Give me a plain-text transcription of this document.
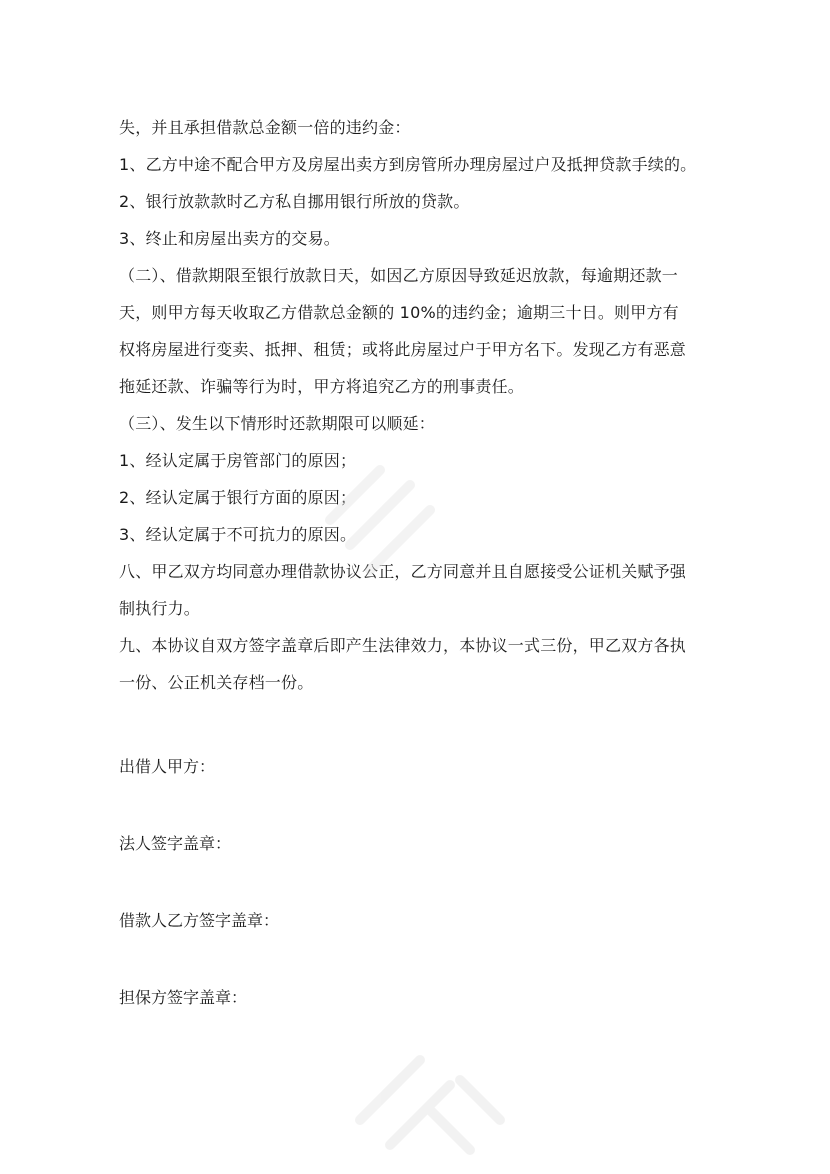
失，并且承担借款总金额一倍的违约金：
1、乙方中途不配合甲方及房屋出卖方到房管所办理房屋过户及抵押贷款手续的。
2、银行放款款时乙方私自挪用银行所放的贷款。
3、终止和房屋出卖方的交易。
（二）、借款期限至银行放款日天，如因乙方原因导致延迟放款，每逾期还款一
天，则甲方每天收取乙方借款总金额的 10%的违约金；逾期三十日。则甲方有
权将房屋进行变卖、抵押、租赁；或将此房屋过户于甲方名下。发现乙方有恶意
拖延还款、诈骗等行为时，甲方将追究乙方的刑事责任。
（三）、发生以下情形时还款期限可以顺延：
1、经认定属于房管部门的原因；
2、经认定属于银行方面的原因；
3、经认定属于不可抗力的原因。
八、甲乙双方均同意办理借款协议公正，乙方同意并且自愿接受公证机关赋予强
制执行力。
九、本协议自双方签字盖章后即产生法律效力，本协议一式三份，甲乙双方各执
一份、公正机关存档一份。
出借人甲方：
法人签字盖章：
借款人乙方签字盖章：
担保方签字盖章：
